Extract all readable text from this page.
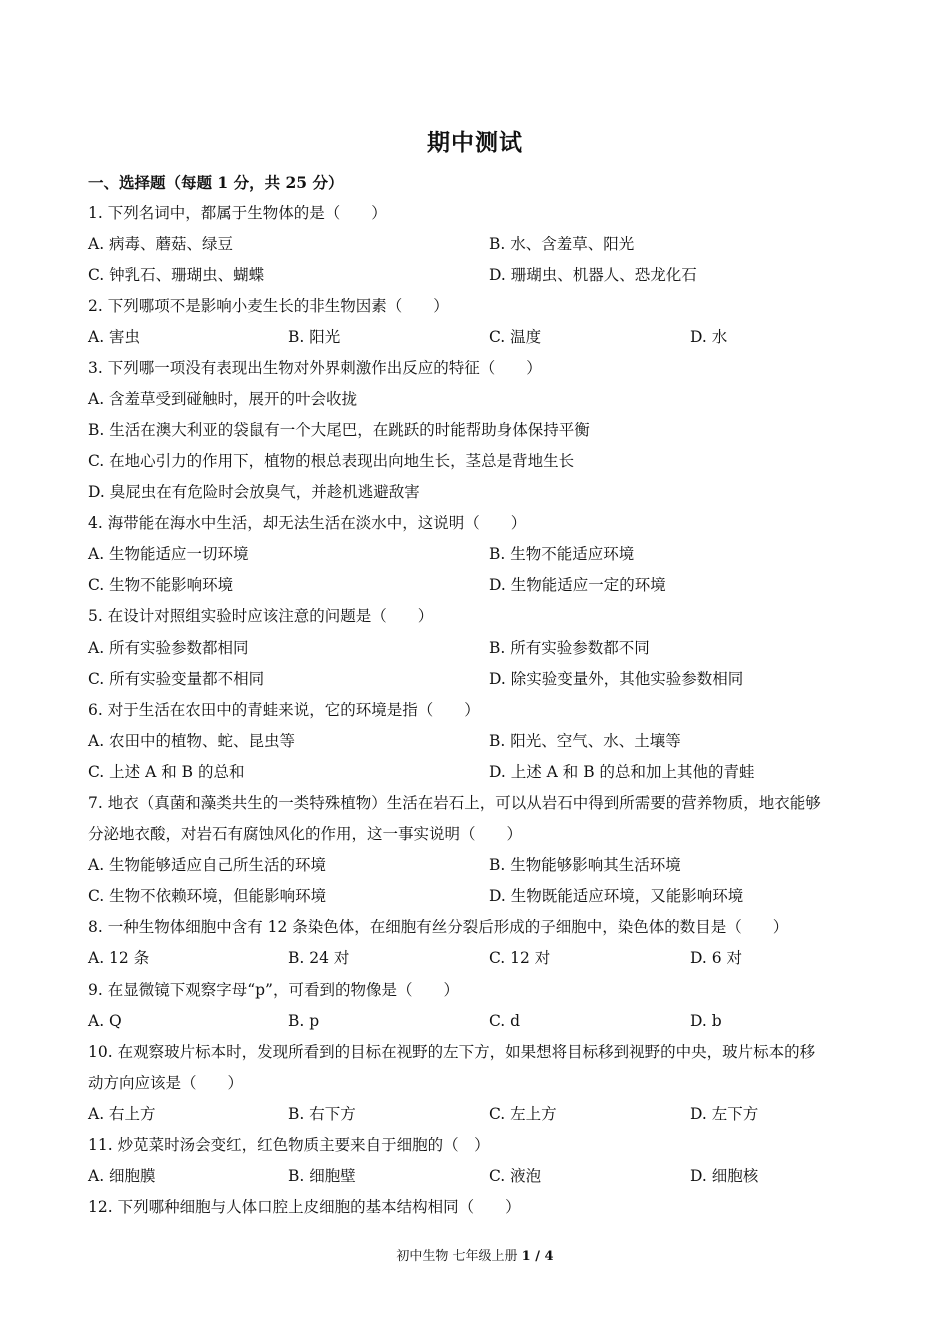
期中测试
一、选择题（每题 1 分，共 25 分）
1. 下列名词中，都属于生物体的是（　　）
A. 病毒、蘑菇、绿豆	B. 水、含羞草、阳光
C. 钟乳石、珊瑚虫、蝴蝶	D. 珊瑚虫、机器人、恐龙化石
2. 下列哪项不是影响小麦生长的非生物因素（　　）
A. 害虫	B. 阳光	C. 温度	D. 水
3. 下列哪一项没有表现出生物对外界刺激作出反应的特征（　　）
A. 含羞草受到碰触时，展开的叶会收拢
B. 生活在澳大利亚的袋鼠有一个大尾巴，在跳跃的时能帮助身体保持平衡
C. 在地心引力的作用下，植物的根总表现出向地生长，茎总是背地生长
D. 臭屁虫在有危险时会放臭气，并趁机逃避敌害
4. 海带能在海水中生活，却无法生活在淡水中，这说明（　　）
A. 生物能适应一切环境	B. 生物不能适应环境
C. 生物不能影响环境	D. 生物能适应一定的环境
5. 在设计对照组实验时应该注意的问题是（　　）
A. 所有实验参数都相同	B. 所有实验参数都不同
C. 所有实验变量都不相同	D. 除实验变量外，其他实验参数相同
6. 对于生活在农田中的青蛙来说，它的环境是指（　　）
A. 农田中的植物、蛇、昆虫等	B. 阳光、空气、水、土壤等
C. 上述 A 和 B 的总和	D. 上述 A 和 B 的总和加上其他的青蛙
7. 地衣（真菌和藻类共生的一类特殊植物）生活在岩石上，可以从岩石中得到所需要的营养物质，地衣能够
分泌地衣酸，对岩石有腐蚀风化的作用，这一事实说明（　　）
A. 生物能够适应自己所生活的环境	B. 生物能够影响其生活环境
C. 生物不依赖环境，但能影响环境	D. 生物既能适应环境，又能影响环境
8. 一种生物体细胞中含有 12 条染色体，在细胞有丝分裂后形成的子细胞中，染色体的数目是（　　）
A. 12 条	B. 24 对	C. 12 对	D. 6 对
9. 在显微镜下观察字母“p”，可看到的物像是（　　）
A. Q	B. p	C. d	D. b
10. 在观察玻片标本时，发现所看到的目标在视野的左下方，如果想将目标移到视野的中央，玻片标本的移
动方向应该是（　　）
A. 右上方	B. 右下方	C. 左上方	D. 左下方
11. 炒苋菜时汤会变红，红色物质主要来自于细胞的（　）
A. 细胞膜	B. 细胞壁	C. 液泡	D. 细胞核
12. 下列哪种细胞与人体口腔上皮细胞的基本结构相同（　　）
初中生物 七年级上册 1 / 4
